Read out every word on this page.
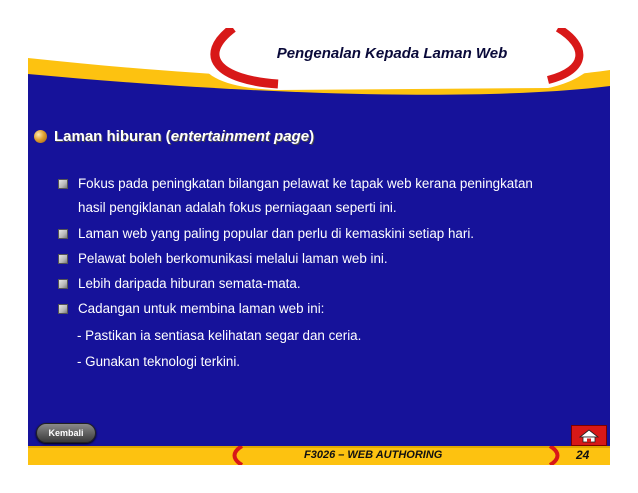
Pengenalan Kepada Laman Web
Laman hiburan (entertainment page)
Fokus pada peningkatan bilangan pelawat ke tapak web kerana peningkatan
hasil pengiklanan adalah fokus perniagaan seperti ini.
Laman web yang paling popular dan perlu di kemaskini setiap hari.
Pelawat boleh berkomunikasi melalui laman web ini.
Lebih daripada hiburan semata-mata.
Cadangan untuk membina laman web ini:
- Pastikan ia sentiasa kelihatan segar dan ceria.
- Gunakan teknologi terkini.
F3026 – WEB AUTHORING	24
Kembali
